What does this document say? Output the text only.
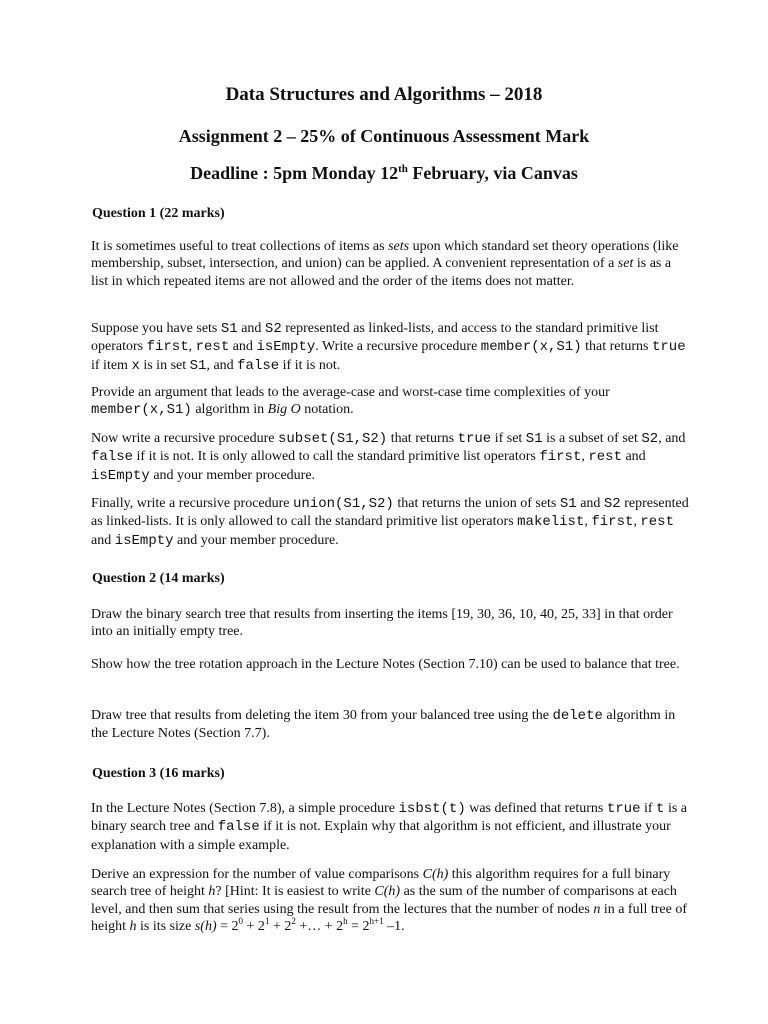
Data Structures and Algorithms – 2018
Assignment 2 – 25% of Continuous Assessment Mark
Deadline : 5pm Monday 12th February, via Canvas
Question 1 (22 marks)

It is sometimes useful to treat collections of items as sets upon which standard set theory operations (like membership, subset, intersection, and union) can be applied. A convenient representation of a set is as a list in which repeated items are not allowed and the order of the items does not matter.

Suppose you have sets S1 and S2 represented as linked-lists, and access to the standard primitive list operators first, rest and isEmpty. Write a recursive procedure member(x,S1) that returns true if item x is in set S1, and false if it is not.

Provide an argument that leads to the average-case and worst-case time complexities of your member(x,S1) algorithm in Big O notation.

Now write a recursive procedure subset(S1,S2) that returns true if set S1 is a subset of set S2, and false if it is not. It is only allowed to call the standard primitive list operators first, rest and isEmpty and your member procedure.

Finally, write a recursive procedure union(S1,S2) that returns the union of sets S1 and S2 represented as linked-lists. It is only allowed to call the standard primitive list operators makelist, first, rest and isEmpty and your member procedure.

Question 2 (14 marks)

Draw the binary search tree that results from inserting the items [19, 30, 36, 10, 40, 25, 33] in that order into an initially empty tree.

Show how the tree rotation approach in the Lecture Notes (Section 7.10) can be used to balance that tree.

Draw tree that results from deleting the item 30 from your balanced tree using the delete algorithm in the Lecture Notes (Section 7.7).

Question 3 (16 marks)

In the Lecture Notes (Section 7.8), a simple procedure isbst(t) was defined that returns true if t is a binary search tree and false if it is not. Explain why that algorithm is not efficient, and illustrate your explanation with a simple example.

Derive an expression for the number of value comparisons C(h) this algorithm requires for a full binary search tree of height h? [Hint: It is easiest to write C(h) as the sum of the number of comparisons at each level, and then sum that series using the result from the lectures that the number of nodes n in a full tree of height h is its size $s(h) = 2^0 + 2^1 + 2^2$ +… + $2^h = 2^{h+1}$ –1.
